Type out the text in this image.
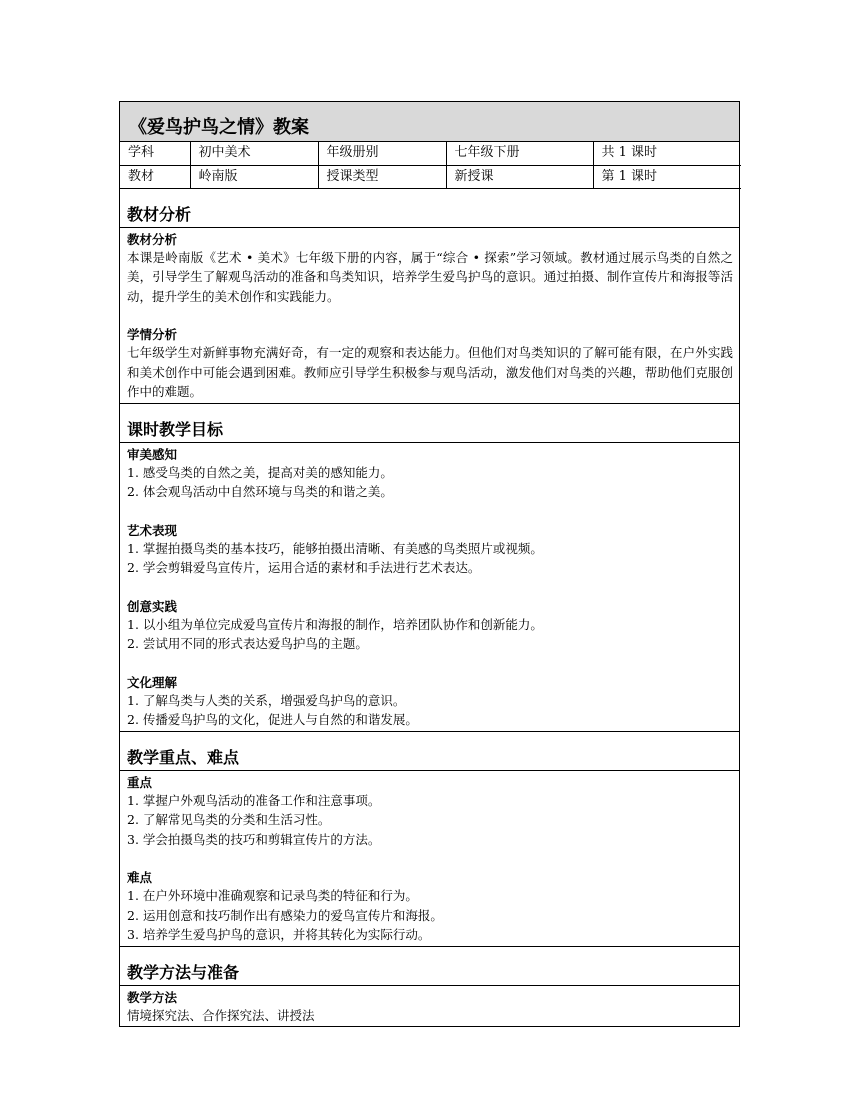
《爱鸟护鸟之情》教案
学科	初中美术	年级册别	七年级下册	共 1 课时
教材	岭南版	授课类型	新授课	第 1 课时
教材分析
教材分析
本课是岭南版《艺术 • 美术》七年级下册的内容，属于“综合 • 探索”学习领域。教材通过展示鸟类的自然之美，引导学生了解观鸟活动的准备和鸟类知识，培养学生爱鸟护鸟的意识。通过拍摄、制作宣传片和海报等活动，提升学生的美术创作和实践能力。
学情分析
七年级学生对新鲜事物充满好奇，有一定的观察和表达能力。但他们对鸟类知识的了解可能有限，在户外实践和美术创作中可能会遇到困难。教师应引导学生积极参与观鸟活动，激发他们对鸟类的兴趣，帮助他们克服创作中的难题。
课时教学目标
审美感知
1. 感受鸟类的自然之美，提高对美的感知能力。
2. 体会观鸟活动中自然环境与鸟类的和谐之美。
艺术表现
1. 掌握拍摄鸟类的基本技巧，能够拍摄出清晰、有美感的鸟类照片或视频。
2. 学会剪辑爱鸟宣传片，运用合适的素材和手法进行艺术表达。
创意实践
1. 以小组为单位完成爱鸟宣传片和海报的制作，培养团队协作和创新能力。
2. 尝试用不同的形式表达爱鸟护鸟的主题。
文化理解
1. 了解鸟类与人类的关系，增强爱鸟护鸟的意识。
2. 传播爱鸟护鸟的文化，促进人与自然的和谐发展。
教学重点、难点
重点
1. 掌握户外观鸟活动的准备工作和注意事项。
2. 了解常见鸟类的分类和生活习性。
3. 学会拍摄鸟类的技巧和剪辑宣传片的方法。
难点
1. 在户外环境中准确观察和记录鸟类的特征和行为。
2. 运用创意和技巧制作出有感染力的爱鸟宣传片和海报。
3. 培养学生爱鸟护鸟的意识，并将其转化为实际行动。
教学方法与准备
教学方法
情境探究法、合作探究法、讲授法
